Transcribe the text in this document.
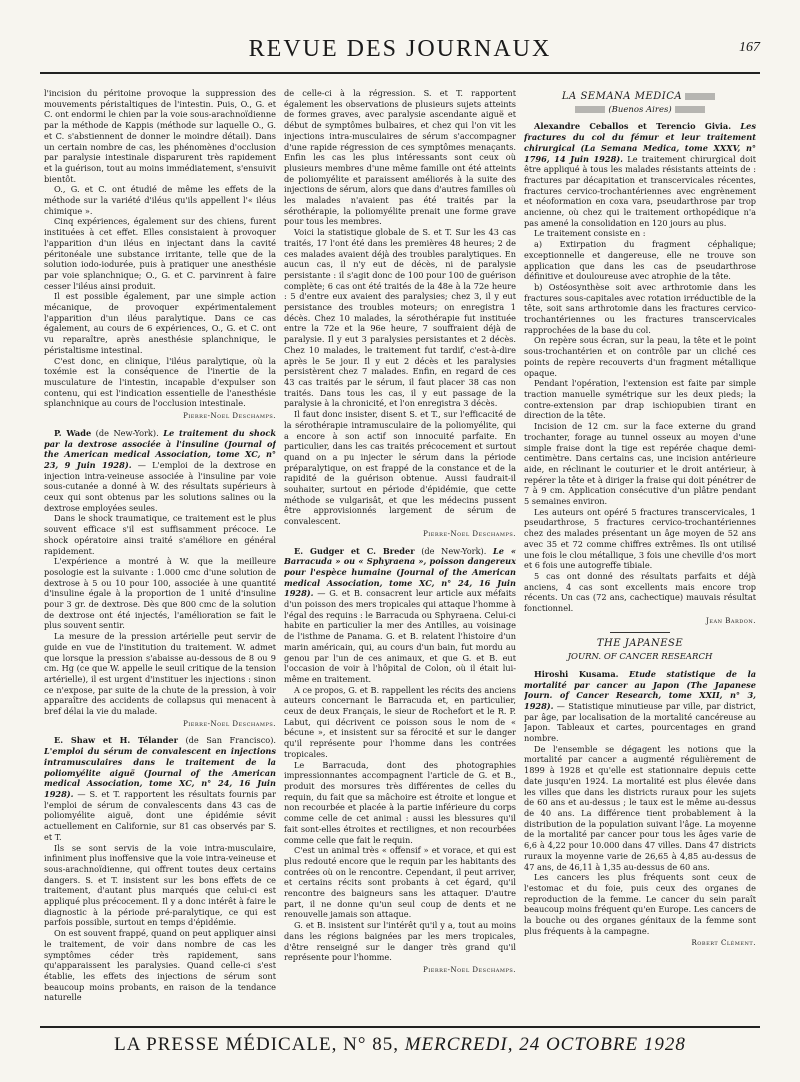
REVUE DES JOURNAUX	167

l'incision du péritoine provoque la suppression des mouvements péristaltiques de l'intestin. Puis, O., G. et C. ont endormi le chien par la voie sous-arachnoïdienne par la méthode de Kappis (méthode sur laquelle O., G. et C. s'abstiennent de donner le moindre détail). Dans un certain nombre de cas, les phénomènes d'occlusion par paralysie intestinale disparurent très rapidement et la guérison, tout au moins immédiatement, s'ensuivit bientôt.

O., G. et C. ont étudié de même les effets de la méthode sur la variété d'iléus qu'ils appellent l'« iléus chimique ».

Cinq expériences, également sur des chiens, furent instituées à cet effet. Elles consistaient à provoquer l'apparition d'un iléus en injectant dans la cavité péritonéale une substance irritante, telle que de la solution iodo-iodurée, puis à pratiquer une anesthésie par voie splanchnique; O., G. et C. parvinrent à faire cesser l'iléus ainsi produit.

Il est possible également, par une simple action mécanique, de provoquer expérimentalement l'apparition d'un iléus paralytique. Dans ce cas également, au cours de 6 expériences, O., G. et C. ont vu reparaître, après anesthésie splanchnique, le péristaltisme intestinal.

C'est donc, en clinique, l'iléus paralytique, où la toxémie est la conséquence de l'inertie de la musculature de l'intestin, incapable d'expulser son contenu, qui est l'indication essentielle de l'anesthésie splanchnique au cours de l'occlusion intestinale.

Pierre-Noel Deschamps.

P. Wade (de New-York). Le traitement du shock par la dextrose associée à l'insuline (Journal of the American medical Association, tome XC, n° 23, 9 Juin 1928). — L'emploi de la dextrose en injection intra-veineuse associée à l'insuline par voie sous-cutanée a donné à W. des résultats supérieurs à ceux qui sont obtenus par les solutions salines ou la dextrose employées seules.

Dans le shock traumatique, ce traitement est le plus souvent efficace s'il est suffisamment précoce. Le shock opératoire ainsi traité s'améliore en général rapidement.

L'expérience a montré à W. que la meilleure posologie est la suivante : 1.000 cmc d'une solution de dextrose à 5 ou 10 pour 100, associée à une quantité d'insuline égale à la proportion de 1 unité d'insuline pour 3 gr. de dextrose. Dès que 800 cmc de la solution de dextrose ont été injectés, l'amélioration se fait le plus souvent sentir.

La mesure de la pression artérielle peut servir de guide en vue de l'institution du traitement. W. admet que lorsque la pression s'abaisse au-dessous de 8 ou 9 cm. Hg (ce que W. appelle le seuil critique de la tension artérielle), il est urgent d'instituer les injections : sinon ce n'expose, par suite de la chute de la pression, à voir apparaître des accidents de collapsus qui menacent à bref délai la vie du malade.

Pierre-Noel Deschamps.

E. Shaw et H. Télander (de San Francisco). L'emploi du sérum de convalescent en injections intramusculaires dans le traitement de la poliomyélite aiguë (Journal of the American medical Association, tome XC, n° 24, 16 Juin 1928). — S. et T. rapportent les résultats fournis par l'emploi de sérum de convalescents dans 43 cas de poliomyélite aiguë, dont une épidémie sévit actuellement en Californie, sur 81 cas observés par S. et T.

Ils se sont servis de la voie intra-musculaire, infiniment plus inoffensive que la voie intra-veineuse et sous-arachnoïdienne, qui offrent toutes deux certains dangers. S. et T. insistent sur les bons effets de ce traitement, d'autant plus marqués que celui-ci est appliqué plus précocement. Il y a donc intérêt à faire le diagnostic à la période pré-paralytique, ce qui est parfois possible, surtout en temps d'épidémie.

On est souvent frappé, quand on peut appliquer ainsi le traitement, de voir dans nombre de cas les symptômes céder très rapidement, sans qu'apparaissent les paralysies. Quand celle-ci s'est établie, les effets des injections de sérum sont beaucoup moins probants, en raison de la tendance naturelle

de celle-ci à la régression. S. et T. rapportent également les observations de plusieurs sujets atteints de formes graves, avec paralysie ascendante aiguë et début de symptômes bulbaires, et chez qui l'on vit les injections intra-musculaires de sérum s'accompagner d'une rapide régression de ces symptômes menaçants. Enfin les cas les plus intéressants sont ceux où plusieurs membres d'une même famille ont été atteints de poliomyélite et paraissent améliorés à la suite des injections de sérum, alors que dans d'autres familles où les malades n'avaient pas été traités par la sérothérapie, la poliomyélite prenait une forme grave pour tous les membres.

Voici la statistique globale de S. et T. Sur les 43 cas traités, 17 l'ont été dans les premières 48 heures; 2 de ces malades avaient déjà des troubles paralytiques. En aucun cas, il n'y eut de décès, ni de paralysie persistante : il s'agit donc de 100 pour 100 de guérison complète; 6 cas ont été traités de la 48e à la 72e heure : 5 d'entre eux avaient des paralysies; chez 3, il y eut persistance des troubles moteurs; on enregistra 1 décès. Chez 10 malades, la sérothérapie fut instituée entre la 72e et la 96e heure, 7 souffraient déjà de paralysie. Il y eut 3 paralysies persistantes et 2 décès. Chez 10 malades, le traitement fut tardif, c'est-à-dire après le 5e jour. Il y eut 2 décès et les paralysies persistèrent chez 7 malades. Enfin, en regard de ces 43 cas traités par le sérum, il faut placer 38 cas non traités. Dans tous les cas, il y eut passage de la paralysie à la chronicité, et l'on enregistra 3 décès.

Il faut donc insister, disent S. et T., sur l'efficacité de la sérothérapie intramusculaire de la poliomyélite, qui a encore à son actif son innocuité parfaite. En particulier, dans les cas traités précocement et surtout quand on a pu injecter le sérum dans la période préparalytique, on est frappé de la constance et de la rapidité de la guérison obtenue. Aussi faudrait-il souhaiter, surtout en période d'épidémie, que cette méthode se vulgarisât, et que les médecins pussent être approvisionnés largement de sérum de convalescent.

Pierre-Noel Deschamps.

E. Gudger et C. Breder (de New-York). Le « Barracuda » ou « Sphyraena », poisson dangereux pour l'espèce humaine (Journal of the American medical Association, tome XC, n° 24, 16 Juin 1928). — G. et B. consacrent leur article aux méfaits d'un poisson des mers tropicales qui attaque l'homme à l'égal des requins : le Barracuda ou Sphyraena. Celui-ci habite en particulier la mer des Antilles, au voisinage de l'isthme de Panama. G. et B. relatent l'histoire d'un marin américain, qui, au cours d'un bain, fut mordu au genou par l'un de ces animaux, et que G. et B. eut l'occasion de voir à l'hôpital de Colon, où il était lui-même en traitement.

A ce propos, G. et B. rappellent les récits des anciens auteurs concernant le Barracuda et, en particulier, ceux de deux Français, le sieur de Rochefort et le R. P. Labut, qui décrivent ce poisson sous le nom de « bécune », et insistent sur sa férocité et sur le danger qu'il représente pour l'homme dans les contrées tropicales.

Le Barracuda, dont des photographies impressionnantes accompagnent l'article de G. et B., produit des morsures très différentes de celles du requin, du fait que sa mâchoire est étroite et longue et non recourbée et placée à la partie inférieure du corps comme celle de cet animal : aussi les blessures qu'il fait sont-elles étroites et rectilignes, et non recourbées comme celle que fait le requin.

C'est un animal très « offensif » et vorace, et qui est plus redouté encore que le requin par les habitants des contrées où on le rencontre. Cependant, il peut arriver, et certains récits sont probants à cet égard, qu'il rencontre des baigneurs sans les attaquer. D'autre part, il ne donne qu'un seul coup de dents et ne renouvelle jamais son attaque.

G. et B. insistent sur l'intérêt qu'il y a, tout au moins dans les régions baignées par les mers tropicales, d'être renseigné sur le danger très grand qu'il représente pour l'homme.

Pierre-Noel Deschamps.
LA SEMANA MEDICA
(Buenos Aires)

Alexandre Ceballos et Terencio Givia. Les fractures du col du fémur et leur traitement chirurgical (La Semana Medica, tome XXXV, n° 1796, 14 Juin 1928). Le traitement chirurgical doit être appliqué à tous les malades résistants atteints de : fractures par décapitation et transcervicales récentes, fractures cervico-trochantériennes avec engrènement et néoformation en coxa vara, pseudarthrose par trop ancienne, où chez qui le traitement orthopédique n'a pas amené la consolidation en 120 jours au plus.

Le traitement consiste en :

a) Extirpation du fragment céphalique; exceptionnelle et dangereuse, elle ne trouve son application que dans les cas de pseudarthrose définitive et douloureuse avec atrophie de la tête.

b) Ostéosynthèse soit avec arthrotomie dans les fractures sous-capitales avec rotation irréductible de la tête, soit sans arthrotomie dans les fractures cervico-trochantériennes ou les fractures transcervicales rapprochées de la base du col.

On repère sous écran, sur la peau, la tête et le point sous-trochantérien et on contrôle par un cliché ces points de repère recouverts d'un fragment métallique opaque.

Pendant l'opération, l'extension est faite par simple traction manuelle symétrique sur les deux pieds; la contre-extension par drap ischiopubien tirant en direction de la tête.

Incision de 12 cm. sur la face externe du grand trochanter, forage au tunnel osseux au moyen d'une simple fraise dont la tige est repérée chaque demi-centimètre. Dans certains cas, une incision antérieure aide, en réclinant le couturier et le droit antérieur, à repérer la tête et à diriger la fraise qui doit pénétrer de 7 à 9 cm. Application consécutive d'un plâtre pendant 5 semaines environ.

Les auteurs ont opéré 5 fractures transcervicales, 1 pseudarthrose, 5 fractures cervico-trochantériennes chez des malades présentant un âge moyen de 52 ans avec 35 et 72 comme chiffres extrêmes. Ils ont utilisé une fois le clou métallique, 3 fois une cheville d'os mort et 6 fois une autogreffe tibiale.

5 cas ont donné des résultats parfaits et déjà anciens, 4 cas sont excellents mais encore trop récents. Un cas (72 ans, cachectique) mauvais résultat fonctionnel.

Jean Bardon.
THE JAPANESE
JOURN. OF CANCER RESEARCH

Hiroshi Kusama. Etude statistique de la mortalité par cancer au Japon (The Japanese Journ. of Cancer Research, tome XXII, n° 3, 1928). — Statistique minutieuse par ville, par district, par âge, par localisation de la mortalité cancéreuse au Japon. Tableaux et cartes, pourcentages en grand nombre.

De l'ensemble se dégagent les notions que la mortalité par cancer a augmenté régulièrement de 1899 à 1928 et qu'elle est stationnaire depuis cette date jusqu'en 1924. La mortalité est plus élevée dans les villes que dans les districts ruraux pour les sujets de 60 ans et au-dessus ; le taux est le même au-dessus de 40 ans. La différence tient probablement à la distribution de la population suivant l'âge. La moyenne de la mortalité par cancer pour tous les âges varie de 6,6 à 4,22 pour 10.000 dans 47 villes. Dans 47 districts ruraux la moyenne varie de 26,65 à 4,85 au-dessus de 47 ans, de 46,11 à 1,35 au-dessus de 60 ans.

Les cancers les plus fréquents sont ceux de l'estomac et du foie, puis ceux des organes de reproduction de la femme. Le cancer du sein paraît beaucoup moins fréquent qu'en Europe. Les cancers de la bouche ou des organes génitaux de la femme sont plus fréquents à la campagne.

Robert Clément.
LA PRESSE MÉDICALE, N° 85, MERCREDI, 24 OCTOBRE 1928
